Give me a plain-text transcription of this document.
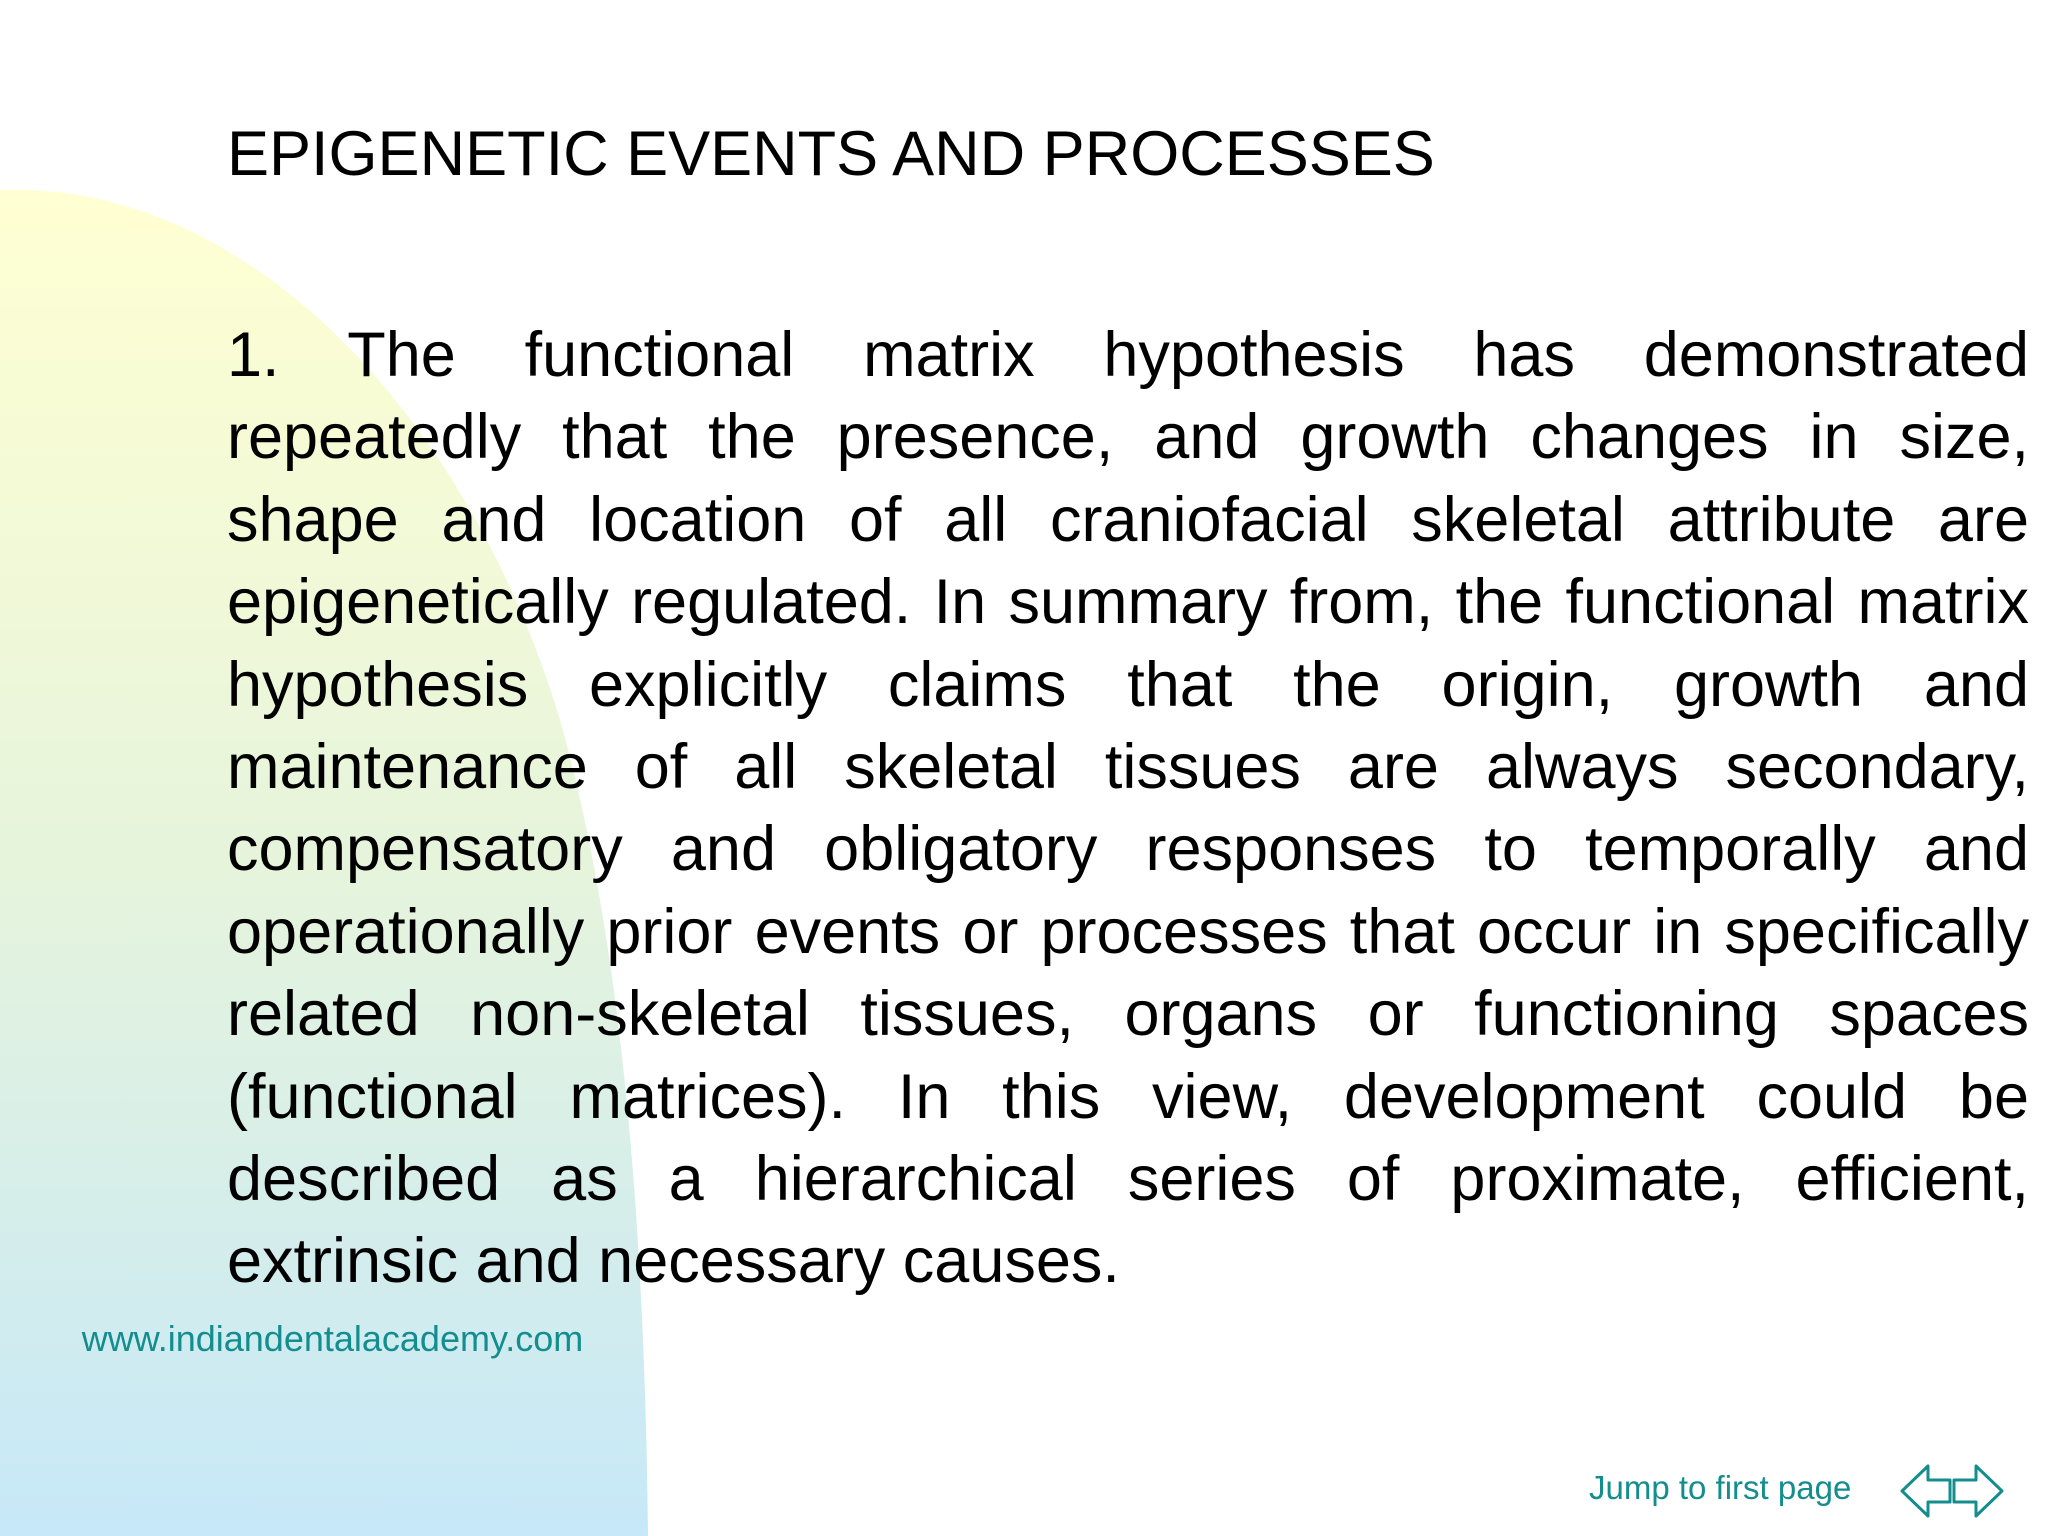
EPIGENETIC EVENTS AND PROCESSES

1. The functional matrix hypothesis has demonstrated repeatedly that the presence, and growth changes in size, shape and location of all craniofacial skeletal attribute are epigenetically regulated. In summary from, the functional matrix hypothesis explicitly claims that the origin, growth and maintenance of all skeletal tissues are always secondary, compensatory and obligatory responses to temporally and operationally prior events or processes that occur in specifically related non-skeletal tissues, organs or functioning spaces (functional matrices). In this view, development could be described as a hierarchical series of proximate, efficient, extrinsic and necessary causes.

www.indiandentalacademy.com
Jump to first page
